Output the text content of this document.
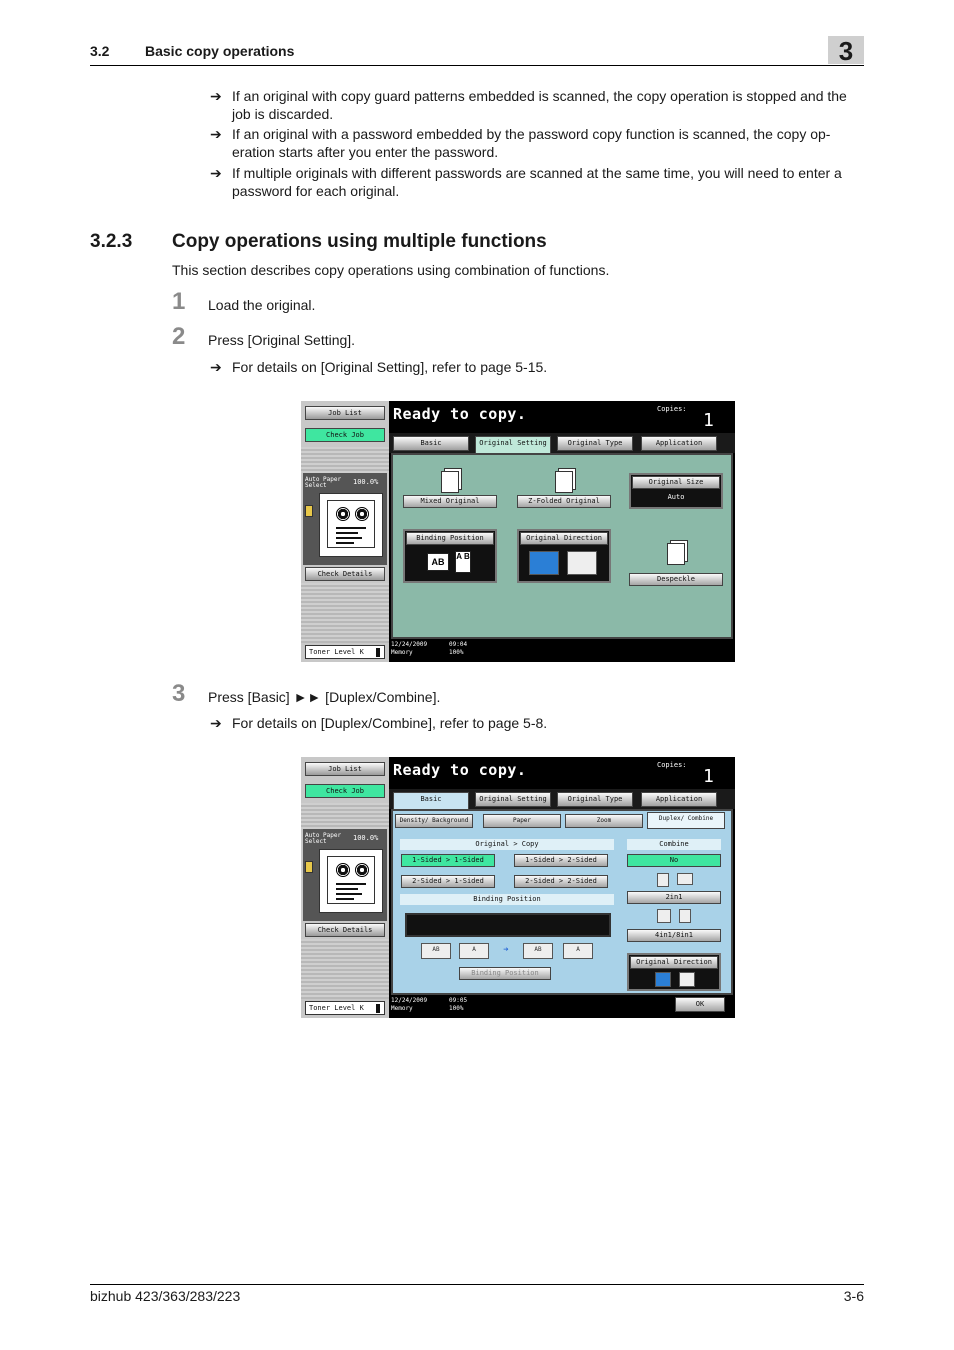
3.2	Basic copy operations	3
➔ If an original with copy guard patterns embedded is scanned, the copy operation is stopped and the job is discarded.
➔ If an original with a password embedded by the password copy function is scanned, the copy op-eration starts after you enter the password.
➔ If multiple originals with different passwords are scanned at the same time, you will need to enter a password for each original.
3.2.3 Copy operations using multiple functions
This section describes copy operations using combination of functions.
1 Load the original.
2 Press [Original Setting].
➔ For details on [Original Setting], refer to page 5-15.
Job List
Check Job
Auto Paper Select	100.0%
Check Details
Toner Level K
Ready to copy.	Copies:
1
Basic	Original Setting	Original Type	Application
Mixed Original	Z-Folded Original
Original Size
Auto
Binding Position
AB
A B
Original Direction
Despeckle
12/24/2009
Memory
09:04
100%
3 Press [Basic] ►► [Duplex/Combine].
➔ For details on [Duplex/Combine], refer to page 5-8.
Job List
Check Job
Auto Paper Select	100.0%
Check Details
Toner Level K
Ready to copy.	Copies:
1
Basic	Original Setting	Original Type	Application
Density/ Background	Paper	Zoom	Duplex/ Combine
Original > Copy
1-Sided > 1-Sided	1-Sided > 2-Sided
2-Sided > 1-Sided	2-Sided > 2-Sided
Binding Position
AB	A	➔	AB	A
Binding Position
Combine
No
2in1
4in1/8in1
Original Direction
12/24/2009
Memory
09:05
100%
OK
bizhub 423/363/283/223	3-6
